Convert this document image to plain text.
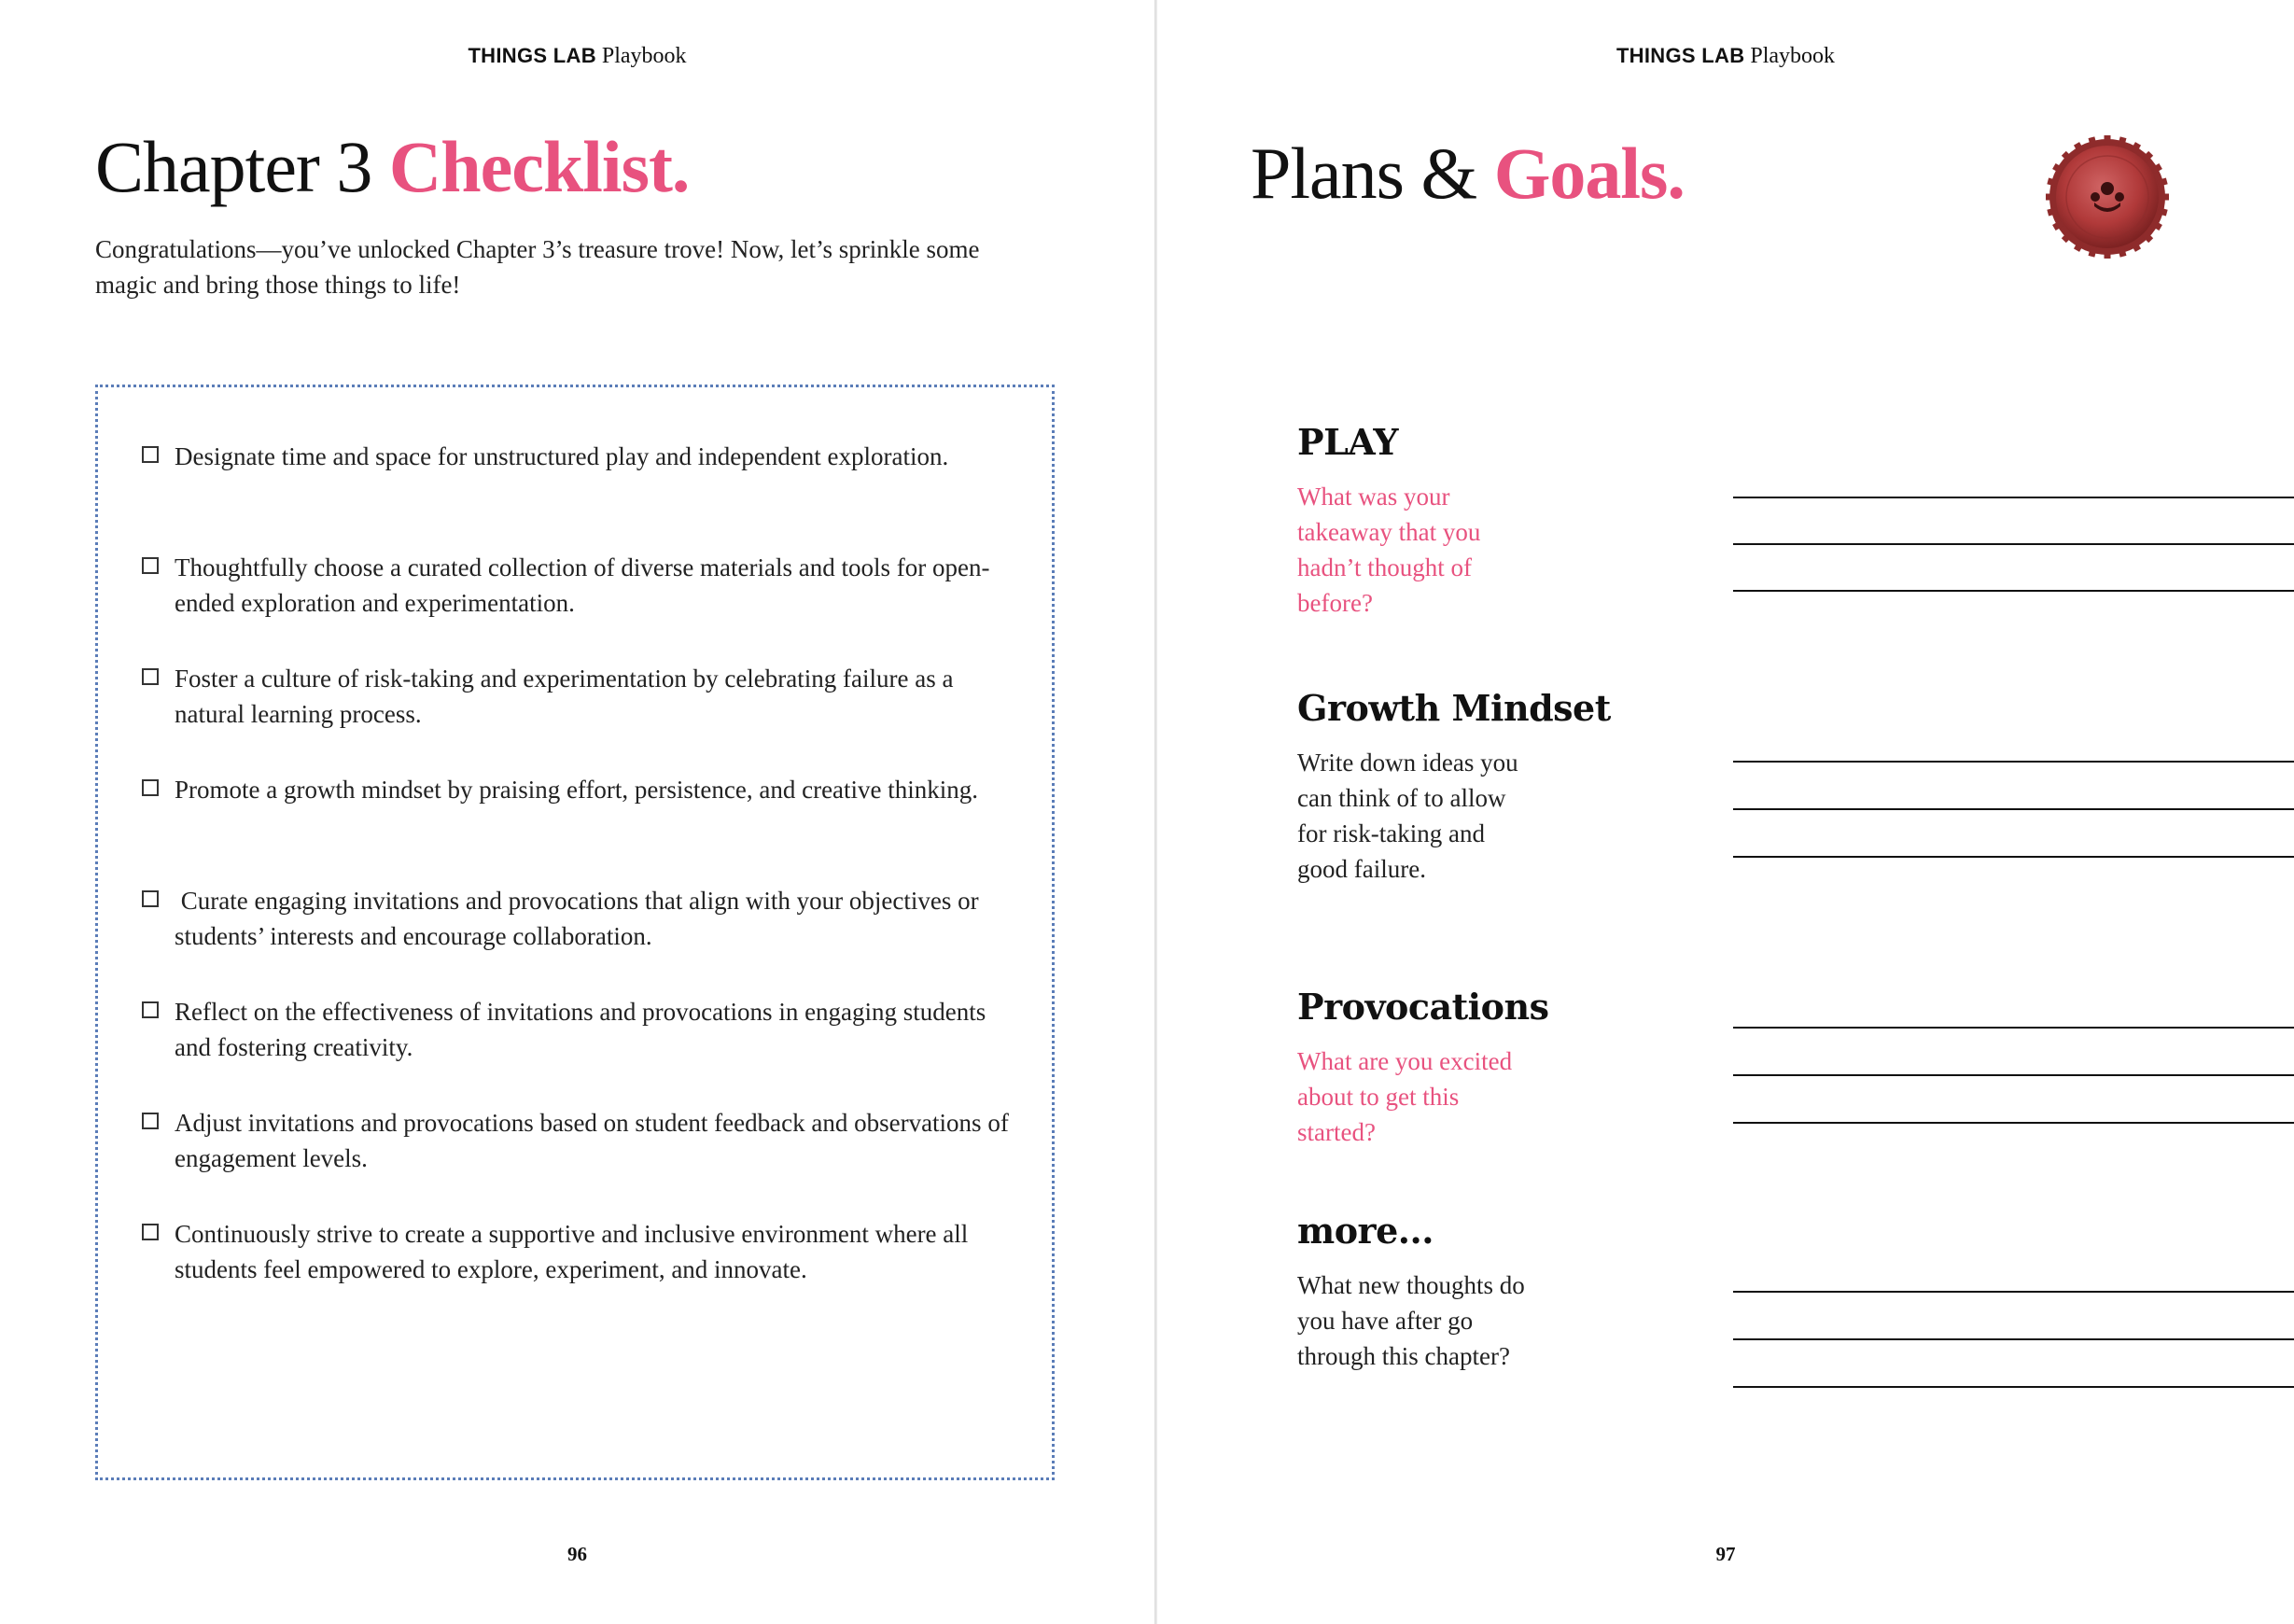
THINGS LAB Playbook
Chapter 3 Checklist.
Congratulations—you’ve unlocked Chapter 3’s treasure trove! Now, let’s sprinkle some magic and bring those things to life!
Designate time and space for unstructured play and independent exploration.
Thoughtfully choose a curated collection of diverse materials and tools for open-ended exploration and experimentation.
Foster a culture of risk-taking and experimentation by celebrating failure as a natural learning process.
Promote a growth mindset by praising effort, persistence, and creative thinking.
Curate engaging invitations and provocations that align with your objectives or students’ interests and encourage collaboration.
Reflect on the effectiveness of invitations and provocations in engaging students and fostering creativity.
Adjust invitations and provocations based on student feedback and observations of engagement levels.
Continuously strive to create a supportive and inclusive environment where all students feel empowered to explore, experiment, and innovate.
96
THINGS LAB Playbook
Plans & Goals.
PLAY
What was your takeaway that you hadn’t thought of before?
Growth Mindset
Write down ideas you can think of to allow for risk-taking and good failure.
Provocations
What are you excited about to get this started?
more...
What new thoughts do you have after go through this chapter?
97
